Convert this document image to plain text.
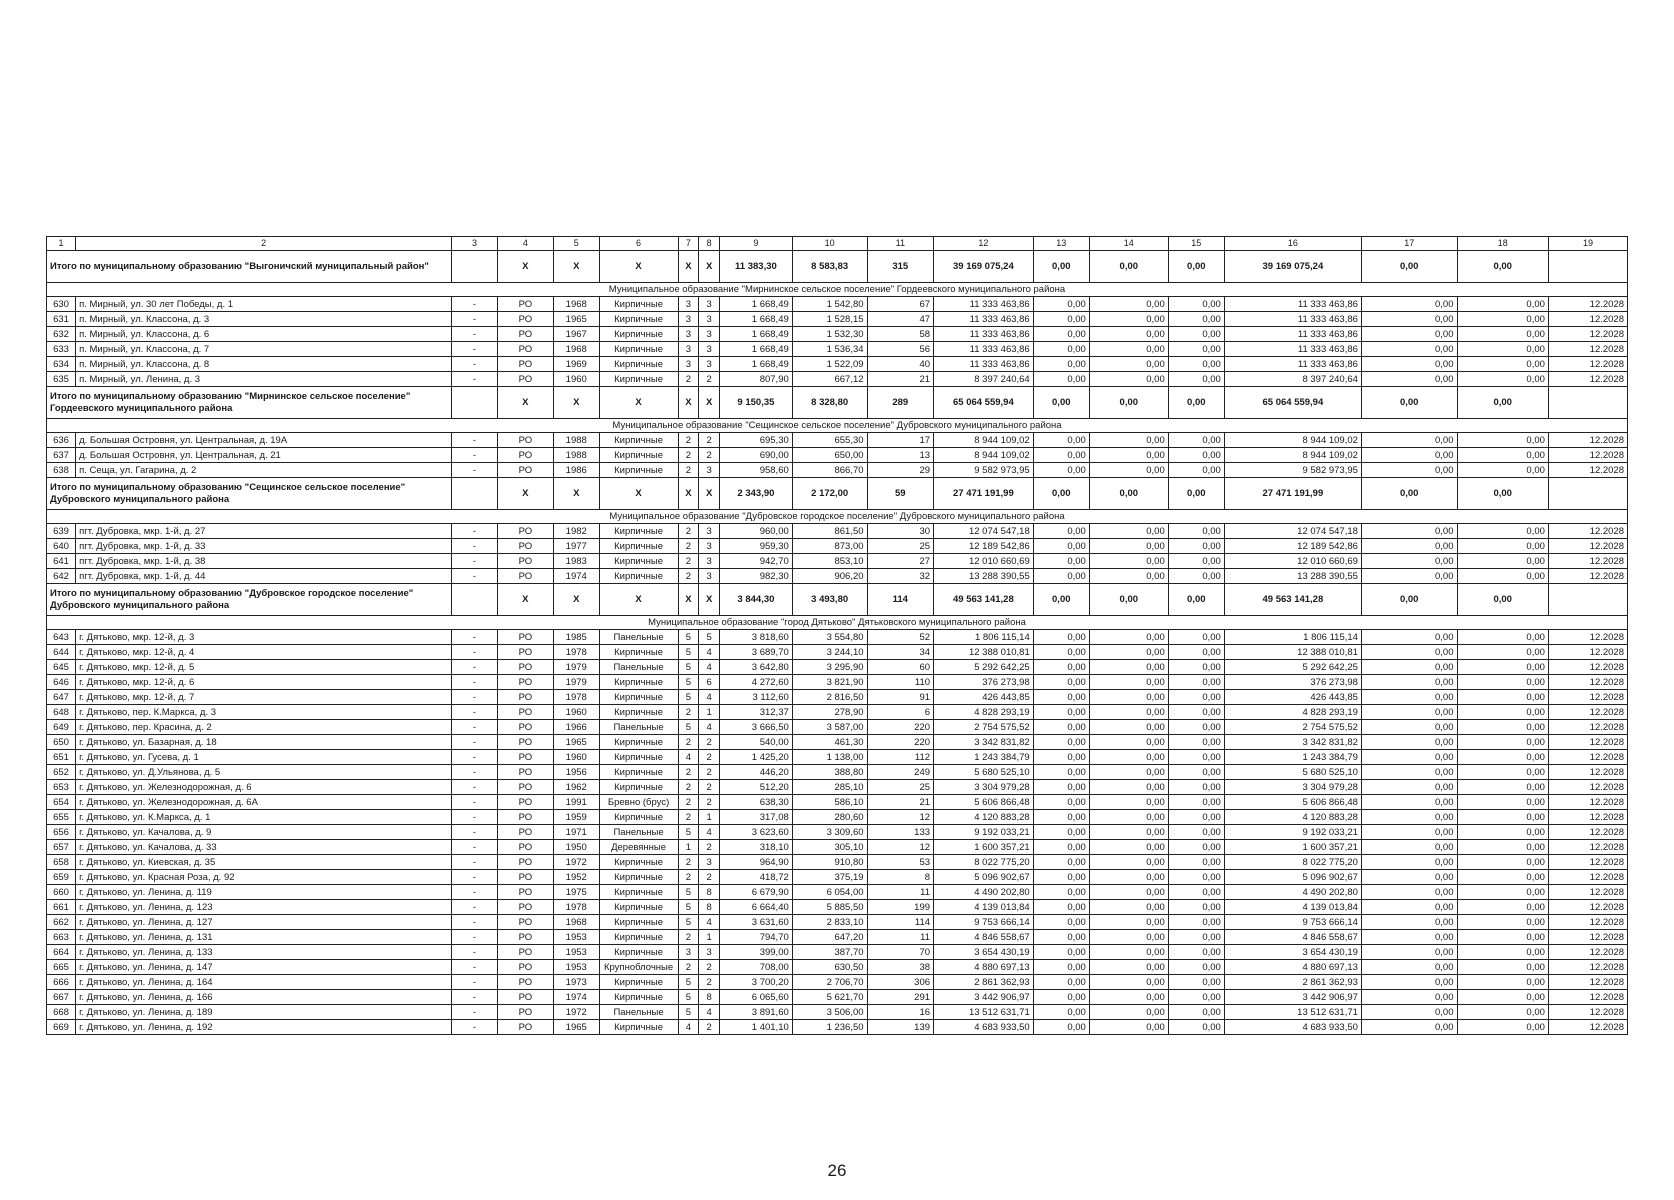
1	2	3	4	5	6	7	8	9	10	11	12	13	14	15	16	17	18	19
Итого по муниципальному образованию "Выгоничский муниципальный район"			X	X	X	X	X	11 383,30	8 583,83	315	39 169 075,24	0,00	0,00	0,00	39 169 075,24	0,00	0,00	
Муниципальное образование "Мирнинское сельское поселение" Гордеевского муниципального района																		
630	п. Мирный, ул. 30 лет Победы, д. 1	-	РО	1968	Кирпичные	3	3	1 668,49	1 542,80	67	11 333 463,86	0,00	0,00	0,00	11 333 463,86	0,00	0,00	12.2028
631	п. Мирный, ул. Классона, д. 3	-	РО	1965	Кирпичные	3	3	1 668,49	1 528,15	47	11 333 463,86	0,00	0,00	0,00	11 333 463,86	0,00	0,00	12.2028
632	п. Мирный, ул. Классона, д. 6	-	РО	1967	Кирпичные	3	3	1 668,49	1 532,30	58	11 333 463,86	0,00	0,00	0,00	11 333 463,86	0,00	0,00	12.2028
633	п. Мирный, ул. Классона, д. 7	-	РО	1968	Кирпичные	3	3	1 668,49	1 536,34	56	11 333 463,86	0,00	0,00	0,00	11 333 463,86	0,00	0,00	12.2028
634	п. Мирный, ул. Классона, д. 8	-	РО	1969	Кирпичные	3	3	1 668,49	1 522,09	40	11 333 463,86	0,00	0,00	0,00	11 333 463,86	0,00	0,00	12.2028
635	п. Мирный, ул. Ленина, д. 3	-	РО	1960	Кирпичные	2	2	807,90	667,12	21	8 397 240,64	0,00	0,00	0,00	8 397 240,64	0,00	0,00	12.2028
Итого по муниципальному образованию "Мирнинское сельское поселение" Гордеевского муниципального района			X	X	X	X	X	9 150,35	8 328,80	289	65 064 559,94	0,00	0,00	0,00	65 064 559,94	0,00	0,00	
Муниципальное образование "Сещинское сельское поселение" Дубровского муниципального района																		
636	д. Большая Островня, ул. Центральная, д. 19А	-	РО	1988	Кирпичные	2	2	695,30	655,30	17	8 944 109,02	0,00	0,00	0,00	8 944 109,02	0,00	0,00	12.2028
637	д. Большая Островня, ул. Центральная, д. 21	-	РО	1988	Кирпичные	2	2	690,00	650,00	13	8 944 109,02	0,00	0,00	0,00	8 944 109,02	0,00	0,00	12.2028
638	п. Сеща, ул. Гагарина, д. 2	-	РО	1986	Кирпичные	2	3	958,60	866,70	29	9 582 973,95	0,00	0,00	0,00	9 582 973,95	0,00	0,00	12.2028
Итого по муниципальному образованию "Сещинское сельское поселение" Дубровского муниципального района			X	X	X	X	X	2 343,90	2 172,00	59	27 471 191,99	0,00	0,00	0,00	27 471 191,99	0,00	0,00	
Муниципальное образование "Дубровское городское поселение" Дубровского муниципального района																		
639	пгт. Дубровка, мкр. 1-й, д. 27	-	РО	1982	Кирпичные	2	3	960,00	861,50	30	12 074 547,18	0,00	0,00	0,00	12 074 547,18	0,00	0,00	12.2028
640	пгт. Дубровка, мкр. 1-й, д. 33	-	РО	1977	Кирпичные	2	3	959,30	873,00	25	12 189 542,86	0,00	0,00	0,00	12 189 542,86	0,00	0,00	12.2028
641	пгт. Дубровка, мкр. 1-й, д. 38	-	РО	1983	Кирпичные	2	3	942,70	853,10	27	12 010 660,69	0,00	0,00	0,00	12 010 660,69	0,00	0,00	12.2028
642	пгт. Дубровка, мкр. 1-й, д. 44	-	РО	1974	Кирпичные	2	3	982,30	906,20	32	13 288 390,55	0,00	0,00	0,00	13 288 390,55	0,00	0,00	12.2028
Итого по муниципальному образованию "Дубровское городское поселение" Дубровского муниципального района			X	X	X	X	X	3 844,30	3 493,80	114	49 563 141,28	0,00	0,00	0,00	49 563 141,28	0,00	0,00	
Муниципальное образование "город Дятьково" Дятьковского муниципального района																		
643	г. Дятьково, мкр. 12-й, д. 3	-	РО	1985	Панельные	5	5	3 818,60	3 554,80	52	1 806 115,14	0,00	0,00	0,00	1 806 115,14	0,00	0,00	12.2028
644	г. Дятьково, мкр. 12-й, д. 4	-	РО	1978	Кирпичные	5	4	3 689,70	3 244,10	34	12 388 010,81	0,00	0,00	0,00	12 388 010,81	0,00	0,00	12.2028
645	г. Дятьково, мкр. 12-й, д. 5	-	РО	1979	Панельные	5	4	3 642,80	3 295,90	60	5 292 642,25	0,00	0,00	0,00	5 292 642,25	0,00	0,00	12.2028
646	г. Дятьково, мкр. 12-й, д. 6	-	РО	1979	Кирпичные	5	6	4 272,60	3 821,90	110	376 273,98	0,00	0,00	0,00	376 273,98	0,00	0,00	12.2028
647	г. Дятьково, мкр. 12-й, д. 7	-	РО	1978	Кирпичные	5	4	3 112,60	2 816,50	91	426 443,85	0,00	0,00	0,00	426 443,85	0,00	0,00	12.2028
648	г. Дятьково, пер. К.Маркса, д. 3	-	РО	1960	Кирпичные	2	1	312,37	278,90	6	4 828 293,19	0,00	0,00	0,00	4 828 293,19	0,00	0,00	12.2028
649	г. Дятьково, пер. Красина, д. 2	-	РО	1966	Панельные	5	4	3 666,50	3 587,00	220	2 754 575,52	0,00	0,00	0,00	2 754 575,52	0,00	0,00	12.2028
650	г. Дятьково, ул. Базарная, д. 18	-	РО	1965	Кирпичные	2	2	540,00	461,30	220	3 342 831,82	0,00	0,00	0,00	3 342 831,82	0,00	0,00	12.2028
651	г. Дятьково, ул. Гусева, д. 1	-	РО	1960	Кирпичные	4	2	1 425,20	1 138,00	112	1 243 384,79	0,00	0,00	0,00	1 243 384,79	0,00	0,00	12.2028
652	г. Дятьково, ул. Д.Ульянова, д. 5	-	РО	1956	Кирпичные	2	2	446,20	388,80	249	5 680 525,10	0,00	0,00	0,00	5 680 525,10	0,00	0,00	12.2028
653	г. Дятьково, ул. Железнодорожная, д. 6	-	РО	1962	Кирпичные	2	2	512,20	285,10	25	3 304 979,28	0,00	0,00	0,00	3 304 979,28	0,00	0,00	12.2028
654	г. Дятьково, ул. Железнодорожная, д. 6А	-	РО	1991	Бревно (брус)	2	2	638,30	586,10	21	5 606 866,48	0,00	0,00	0,00	5 606 866,48	0,00	0,00	12.2028
655	г. Дятьково, ул. К.Маркса, д. 1	-	РО	1959	Кирпичные	2	1	317,08	280,60	12	4 120 883,28	0,00	0,00	0,00	4 120 883,28	0,00	0,00	12.2028
656	г. Дятьково, ул. Качалова, д. 9	-	РО	1971	Панельные	5	4	3 623,60	3 309,60	133	9 192 033,21	0,00	0,00	0,00	9 192 033,21	0,00	0,00	12.2028
657	г. Дятьково, ул. Качалова, д. 33	-	РО	1950	Деревянные	1	2	318,10	305,10	12	1 600 357,21	0,00	0,00	0,00	1 600 357,21	0,00	0,00	12.2028
658	г. Дятьково, ул. Киевская, д. 35	-	РО	1972	Кирпичные	2	3	964,90	910,80	53	8 022 775,20	0,00	0,00	0,00	8 022 775,20	0,00	0,00	12.2028
659	г. Дятьково, ул. Красная Роза, д. 92	-	РО	1952	Кирпичные	2	2	418,72	375,19	8	5 096 902,67	0,00	0,00	0,00	5 096 902,67	0,00	0,00	12.2028
660	г. Дятьково, ул. Ленина, д. 119	-	РО	1975	Кирпичные	5	8	6 679,90	6 054,00	11	4 490 202,80	0,00	0,00	0,00	4 490 202,80	0,00	0,00	12.2028
661	г. Дятьково, ул. Ленина, д. 123	-	РО	1978	Кирпичные	5	8	6 664,40	5 885,50	199	4 139 013,84	0,00	0,00	0,00	4 139 013,84	0,00	0,00	12.2028
662	г. Дятьково, ул. Ленина, д. 127	-	РО	1968	Кирпичные	5	4	3 631,60	2 833,10	114	9 753 666,14	0,00	0,00	0,00	9 753 666,14	0,00	0,00	12.2028
663	г. Дятьково, ул. Ленина, д. 131	-	РО	1953	Кирпичные	2	1	794,70	647,20	11	4 846 558,67	0,00	0,00	0,00	4 846 558,67	0,00	0,00	12.2028
664	г. Дятьково, ул. Ленина, д. 133	-	РО	1953	Кирпичные	3	3	399,00	387,70	70	3 654 430,19	0,00	0,00	0,00	3 654 430,19	0,00	0,00	12.2028
665	г. Дятьково, ул. Ленина, д. 147	-	РО	1953	Крупноблочные	2	2	708,00	630,50	38	4 880 697,13	0,00	0,00	0,00	4 880 697,13	0,00	0,00	12.2028
666	г. Дятьково, ул. Ленина, д. 164	-	РО	1973	Кирпичные	5	2	3 700,20	2 706,70	306	2 861 362,93	0,00	0,00	0,00	2 861 362,93	0,00	0,00	12.2028
667	г. Дятьково, ул. Ленина, д. 166	-	РО	1974	Кирпичные	5	8	6 065,60	5 621,70	291	3 442 906,97	0,00	0,00	0,00	3 442 906,97	0,00	0,00	12.2028
668	г. Дятьково, ул. Ленина, д. 189	-	РО	1972	Панельные	5	4	3 891,60	3 506,00	16	13 512 631,71	0,00	0,00	0,00	13 512 631,71	0,00	0,00	12.2028
669	г. Дятьково, ул. Ленина, д. 192	-	РО	1965	Кирпичные	4	2	1 401,10	1 236,50	139	4 683 933,50	0,00	0,00	0,00	4 683 933,50	0,00	0,00	12.2028
26
